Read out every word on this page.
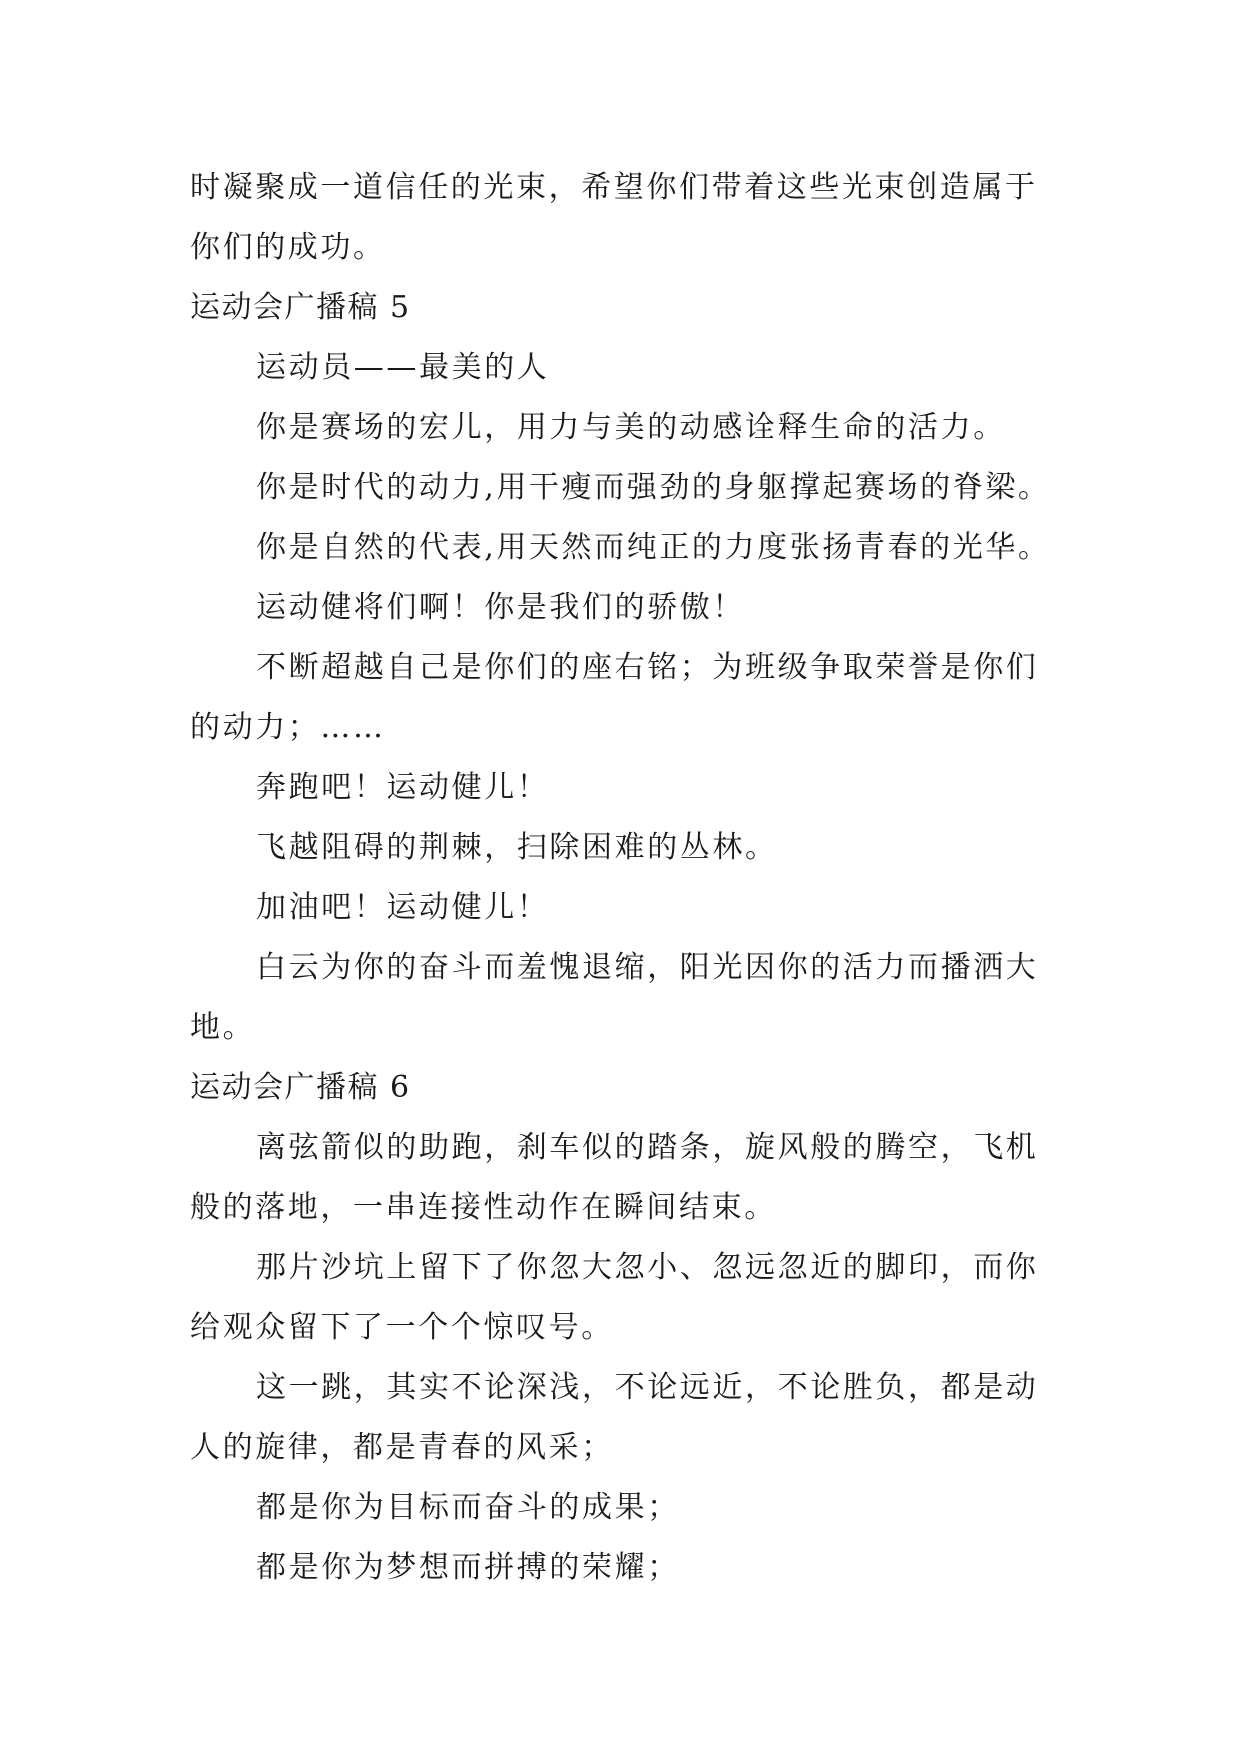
时凝聚成一道信任的光束，希望你们带着这些光束创造属于
你们的成功。
运动会广播稿 5
运动员——最美的人
你是赛场的宏儿，用力与美的动感诠释生命的活力。
你是时代的动力,用干瘦而强劲的身躯撑起赛场的脊梁。
你是自然的代表,用天然而纯正的力度张扬青春的光华。
运动健将们啊！你是我们的骄傲！
不断超越自己是你们的座右铭；为班级争取荣誉是你们
的动力；……
奔跑吧！运动健儿！
飞越阻碍的荆棘，扫除困难的丛林。
加油吧！运动健儿！
白云为你的奋斗而羞愧退缩，阳光因你的活力而播洒大
地。
运动会广播稿 6
离弦箭似的助跑，刹车似的踏条，旋风般的腾空，飞机
般的落地，一串连接性动作在瞬间结束。
那片沙坑上留下了你忽大忽小、忽远忽近的脚印，而你
给观众留下了一个个惊叹号。
这一跳，其实不论深浅，不论远近，不论胜负，都是动
人的旋律，都是青春的风采；
都是你为目标而奋斗的成果；
都是你为梦想而拼搏的荣耀；
